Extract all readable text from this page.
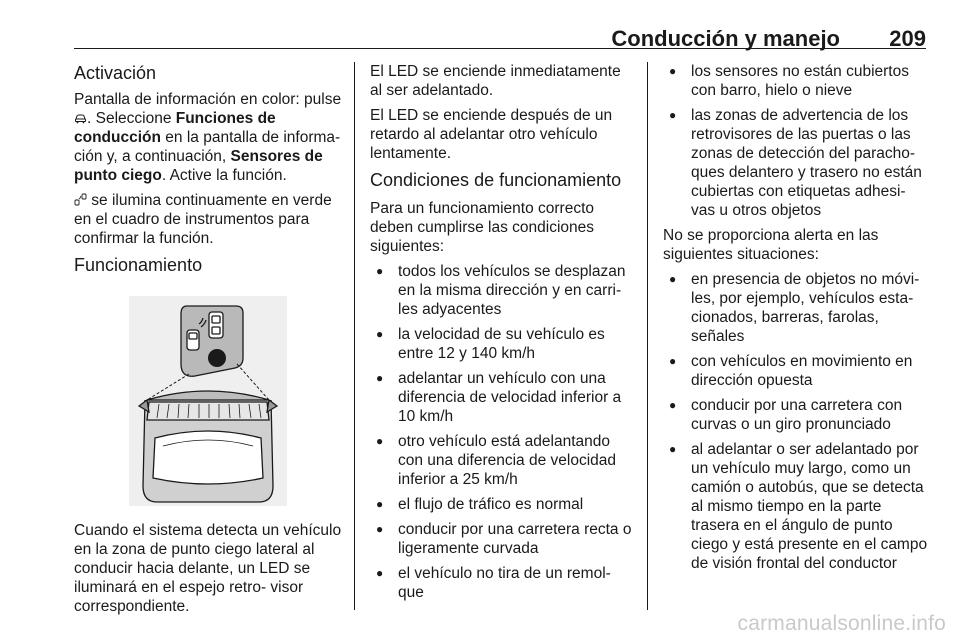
Conducción y manejo 209
Activación

Pantalla de información en color: pulse . Seleccione Funciones de conducción en la pantalla de informa‑ ción y, a continuación, Sensores de punto ciego. Active la función.

se ilumina continuamente en verde en el cuadro de instrumentos para confirmar la función.

Funcionamiento

Cuando el sistema detecta un vehículo en la zona de punto ciego lateral al conducir hacia delante, un LED se iluminará en el espejo retro‑ visor correspondiente.

El LED se enciende inmediatamente al ser adelantado.

El LED se enciende después de un retardo al adelantar otro vehículo lentamente.

Condiciones de funcionamiento

Para un funcionamiento correcto deben cumplirse las condiciones siguientes:

● todos los vehículos se desplazan en la misma dirección y en carri‑ les adyacentes
● la velocidad de su vehículo es entre 12 y 140 km/h
● adelantar un vehículo con una diferencia de velocidad inferior a 10 km/h
● otro vehículo está adelantando con una diferencia de velocidad inferior a 25 km/h
● el flujo de tráfico es normal
● conducir por una carretera recta o ligeramente curvada
● el vehículo no tira de un remol‑ que
● los sensores no están cubiertos con barro, hielo o nieve
● las zonas de advertencia de los retrovisores de las puertas o las zonas de detección del paracho‑ ques delantero y trasero no están cubiertas con etiquetas adhesi‑ vas u otros objetos

No se proporciona alerta en las siguientes situaciones:

● en presencia de objetos no móvi‑ les, por ejemplo, vehículos esta‑ cionados, barreras, farolas, señales
● con vehículos en movimiento en dirección opuesta
● conducir por una carretera con curvas o un giro pronunciado
● al adelantar o ser adelantado por un vehículo muy largo, como un camión o autobús, que se detecta al mismo tiempo en la parte trasera en el ángulo de punto ciego y está presente en el campo de visión frontal del conductor
carmanualsonline.info
